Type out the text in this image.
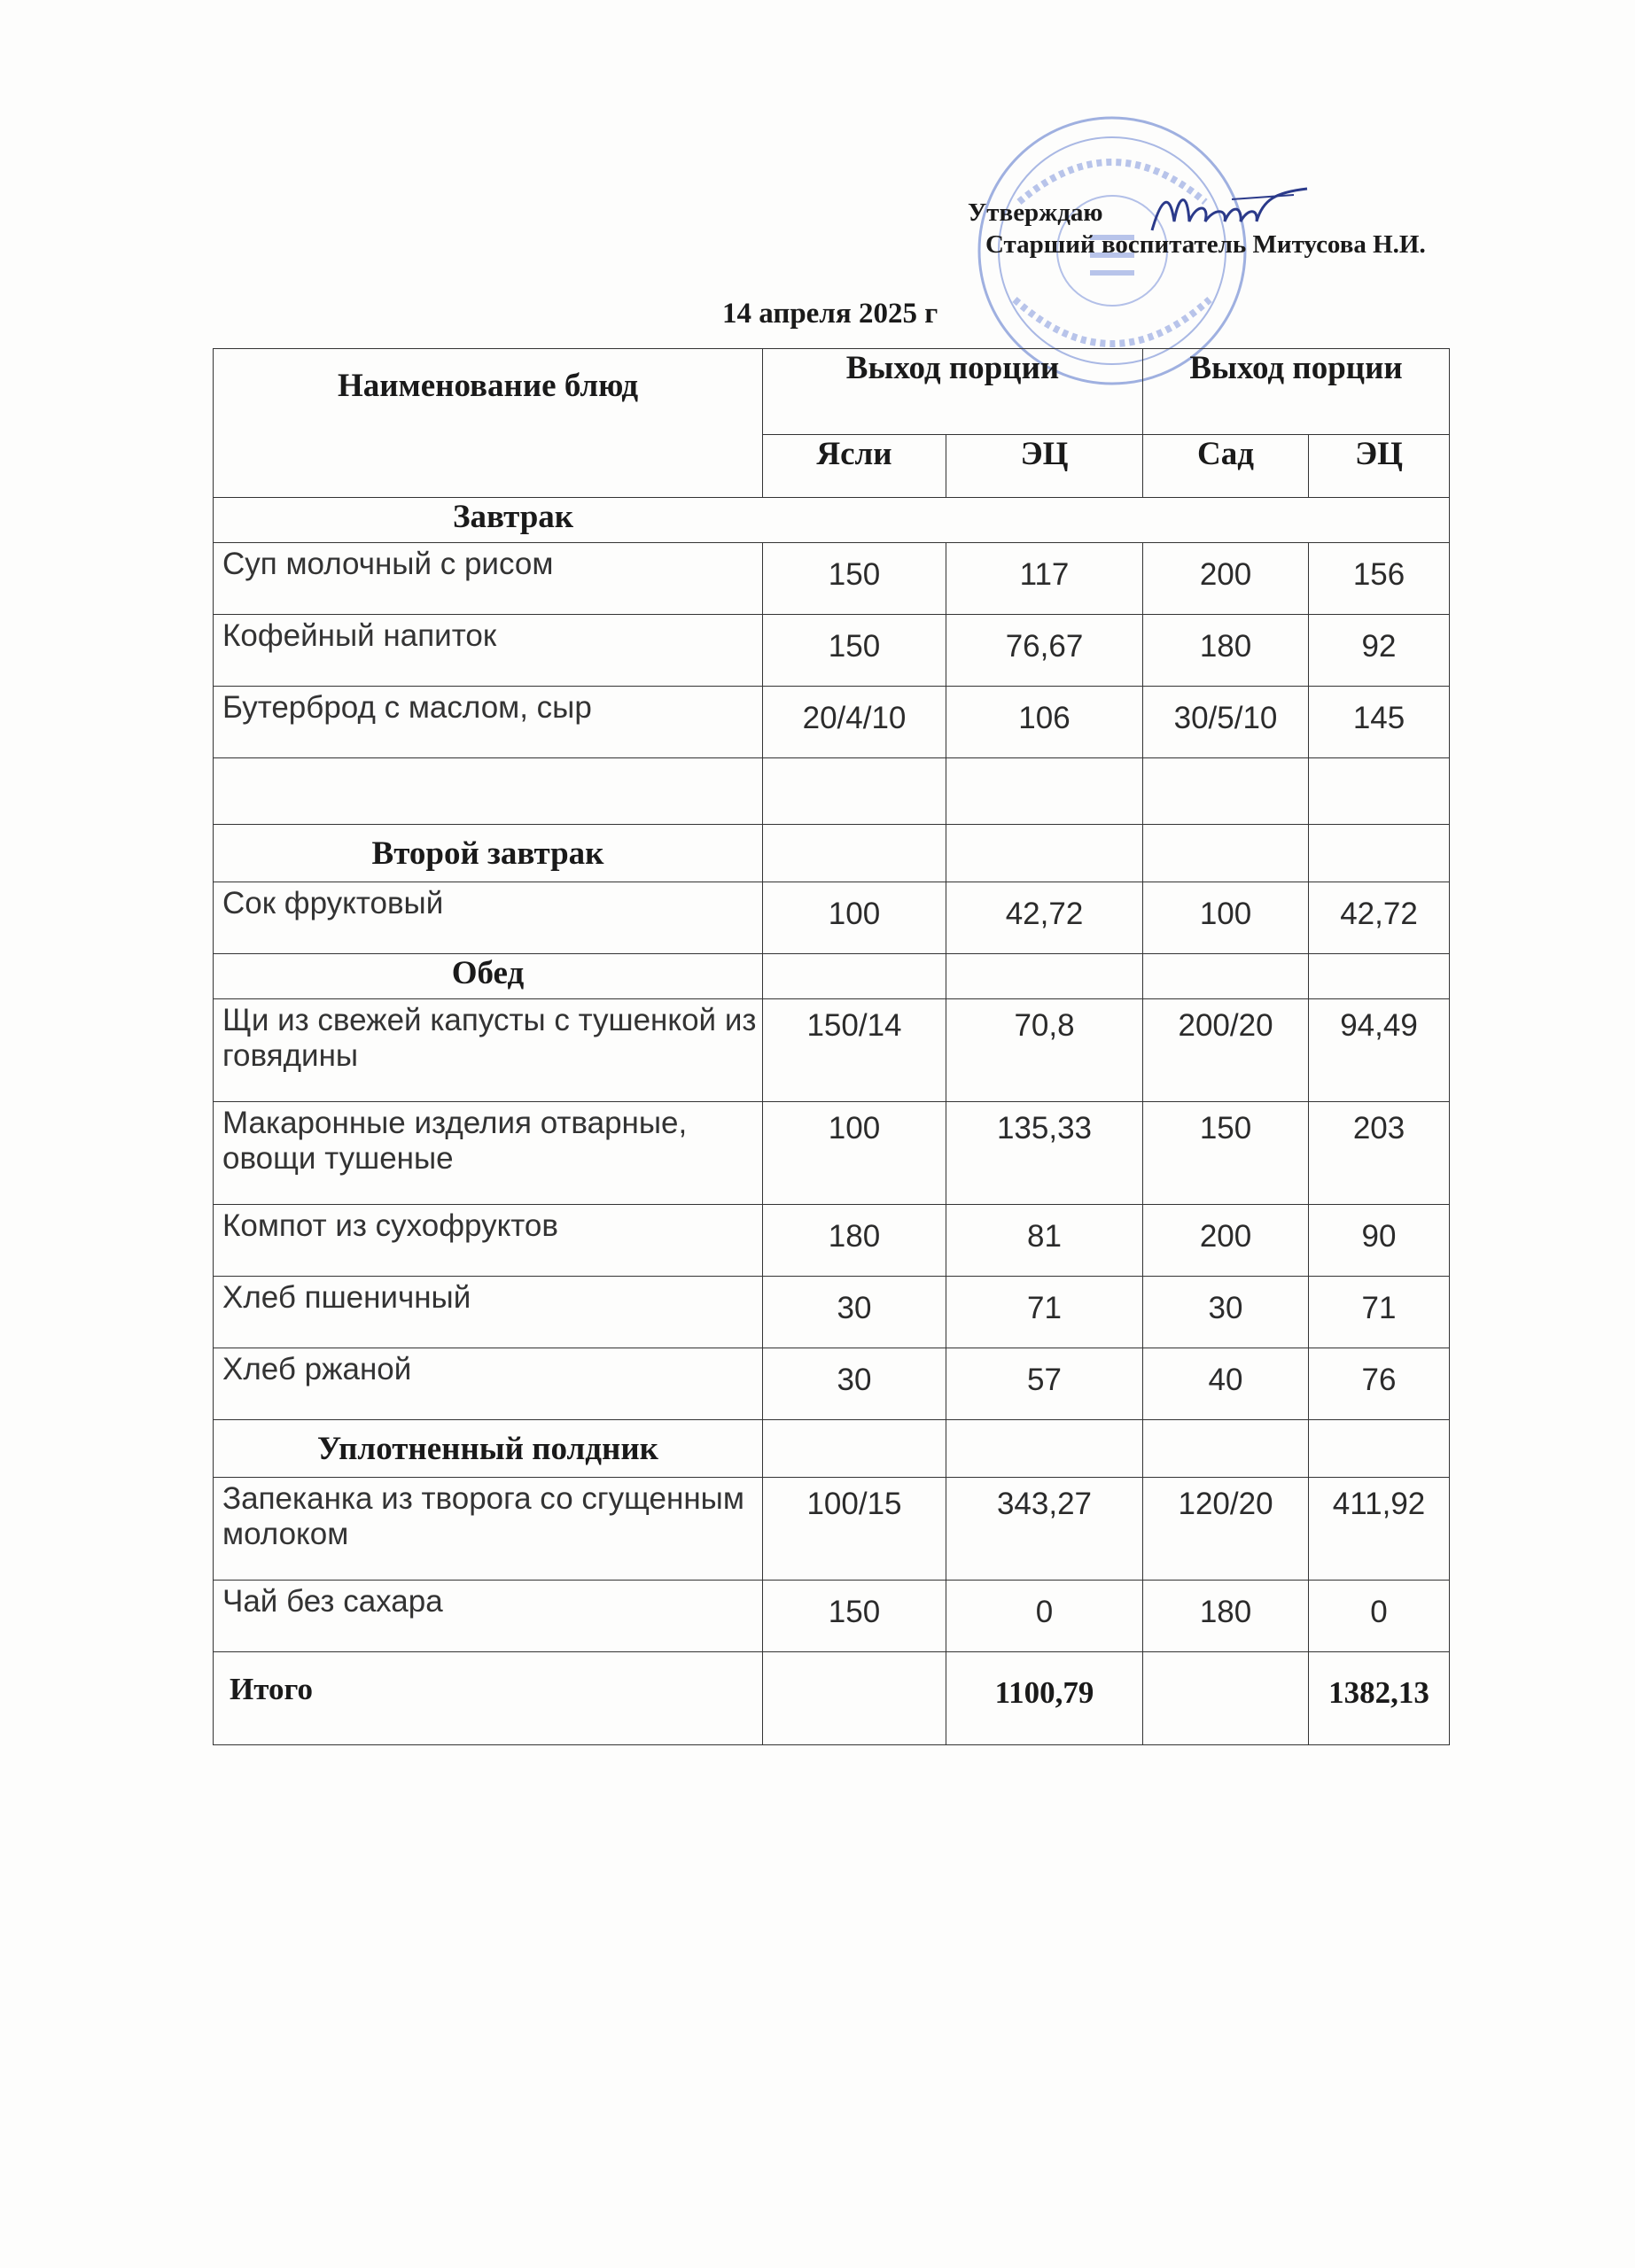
Утверждаю
Старший воспитатель Митусова Н.И.
14 апреля 2025 г
Наименование блюд	Выход порции		Выход порции	
	Ясли	ЭЦ	Сад	ЭЦ
Завтрак				
Суп молочный с рисом	150	117	200	156
Кофейный напиток	150	76,67	180	92
Бутерброд с маслом, сыр	20/4/10	106	30/5/10	145

Второй завтрак				
Сок фруктовый	100	42,72	100	42,72
Обед				
Щи из свежей капусты с тушенкой из говядины	150/14	70,8	200/20	94,49
Макаронные изделия отварные, овощи тушеные	100	135,33	150	203
Компот из сухофруктов	180	81	200	90
Хлеб пшеничный	30	71	30	71
Хлеб ржаной	30	57	40	76
Уплотненный полдник				
Запеканка из творога со сгущенным молоком	100/15	343,27	120/20	411,92
Чай без сахара	150	0	180	0
Итого		1100,79		1382,13
